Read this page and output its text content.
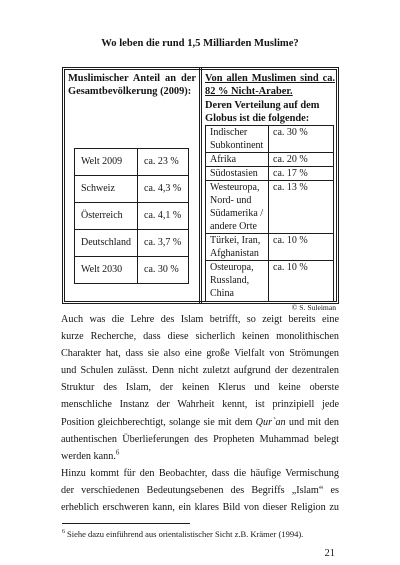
Wo leben die rund 1,5 Milliarden Muslime?
Muslimischer Anteil an der Gesamtbevölkerung (2009):
Von allen Muslimen sind ca. 82 % Nicht-Araber.
Deren Verteilung auf dem Globus ist die folgende:
Welt 2009	ca. 23 %
Schweiz	ca. 4,3 %
Österreich	ca. 4,1 %
Deutschland	ca. 3,7 %
Welt 2030	ca. 30 %
Indischer Subkontinent	ca. 30 %
Afrika	ca. 20 %
Südostasien	ca. 17 %
Westeuropa, Nord- und Südamerika / andere Orte	ca. 13 %
Türkei, Iran, Afghanistan	ca. 10 %
Osteuropa, Russland, China	ca. 10 %
© S. Suleiman
Auch was die Lehre des Islam betrifft, so zeigt bereits eine
kurze Recherche, dass diese sicherlich keinen monolithischen
Charakter hat, dass sie also eine große Vielfalt von Strömungen
und Schulen zulässt. Denn nicht zuletzt aufgrund der dezentralen
Struktur des Islam, der keinen Klerus und keine oberste
menschliche Instanz der Wahrheit kennt, ist prinzipiell jede
Position gleichberechtigt, solange sie mit dem Qur`an und mit den
authentischen Überlieferungen des Propheten Muhammad belegt
werden kann.$^6$
Hinzu kommt für den Beobachter, dass die häufige Vermischung
der verschiedenen Bedeutungsebenen des Begriffs „Islam“ es
erheblich erschweren kann, ein klares Bild von dieser Religion zu
$^6$ Siehe dazu einführend aus orientalistischer Sicht z.B. Krämer (1994).
21
